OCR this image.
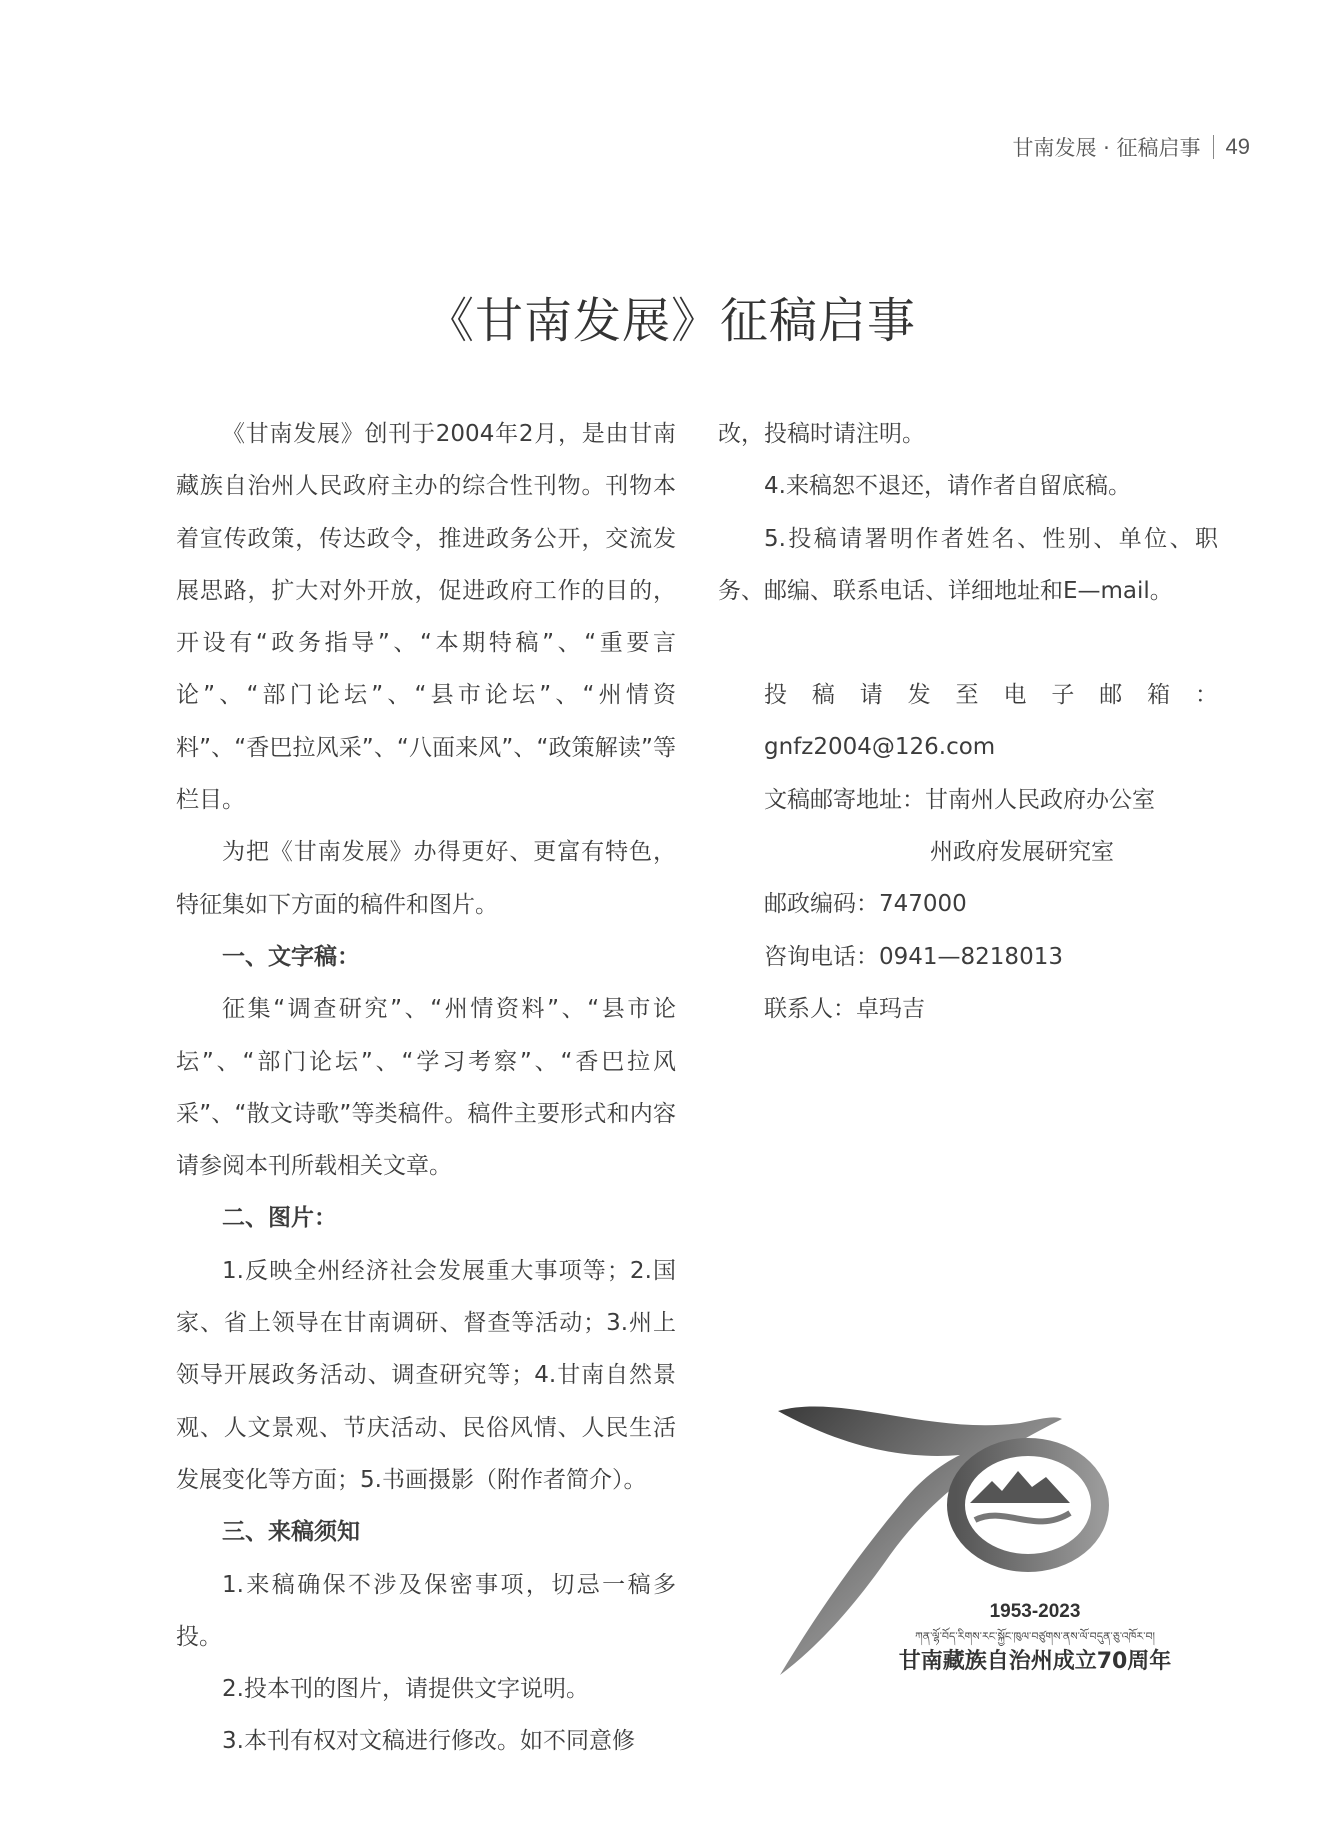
甘南发展 · 征稿启事 49
《甘南发展》征稿启事

《甘南发展》创刊于2004年2月，是由甘南藏族自治州人民政府主办的综合性刊物。刊物本着宣传政策，传达政令，推进政务公开，交流发展思路，扩大对外开放，促进政府工作的目的，开设有“政务指导”、“本期特稿”、“重要言论”、“部门论坛”、“县市论坛”、“州情资料”、“香巴拉风采”、“八面来风”、“政策解读”等栏目。

为把《甘南发展》办得更好、更富有特色，特征集如下方面的稿件和图片。

一、文字稿：

征集“调查研究”、“州情资料”、“县市论坛”、“部门论坛”、“学习考察”、“香巴拉风采”、“散文诗歌”等类稿件。稿件主要形式和内容请参阅本刊所载相关文章。

二、图片：

1.反映全州经济社会发展重大事项等；2.国家、省上领导在甘南调研、督查等活动；3.州上领导开展政务活动、调查研究等；4.甘南自然景观、人文景观、节庆活动、民俗风情、人民生活发展变化等方面；5.书画摄影（附作者简介）。

三、来稿须知

1.来稿确保不涉及保密事项，切忌一稿多投。

2.投本刊的图片，请提供文字说明。

3.本刊有权对文稿进行修改。如不同意修

改，投稿时请注明。

4.来稿恕不退还，请作者自留底稿。

5.投稿请署明作者姓名、性别、单位、职务、邮编、联系电话、详细地址和E—mail。

投稿请发至电子邮箱：gnfz2004@126.com

文稿邮寄地址：甘南州人民政府办公室

州政府发展研究室

邮政编码：747000

咨询电话：0941—8218013

联系人：卓玛吉

1953-2023
ཀན་ལྷོ་བོད་རིགས་རང་སྐྱོང་ཁུལ་བཙུགས་ནས་ལོ་བདུན་ཅུ་འཁོར་བ།
甘南藏族自治州成立70周年
